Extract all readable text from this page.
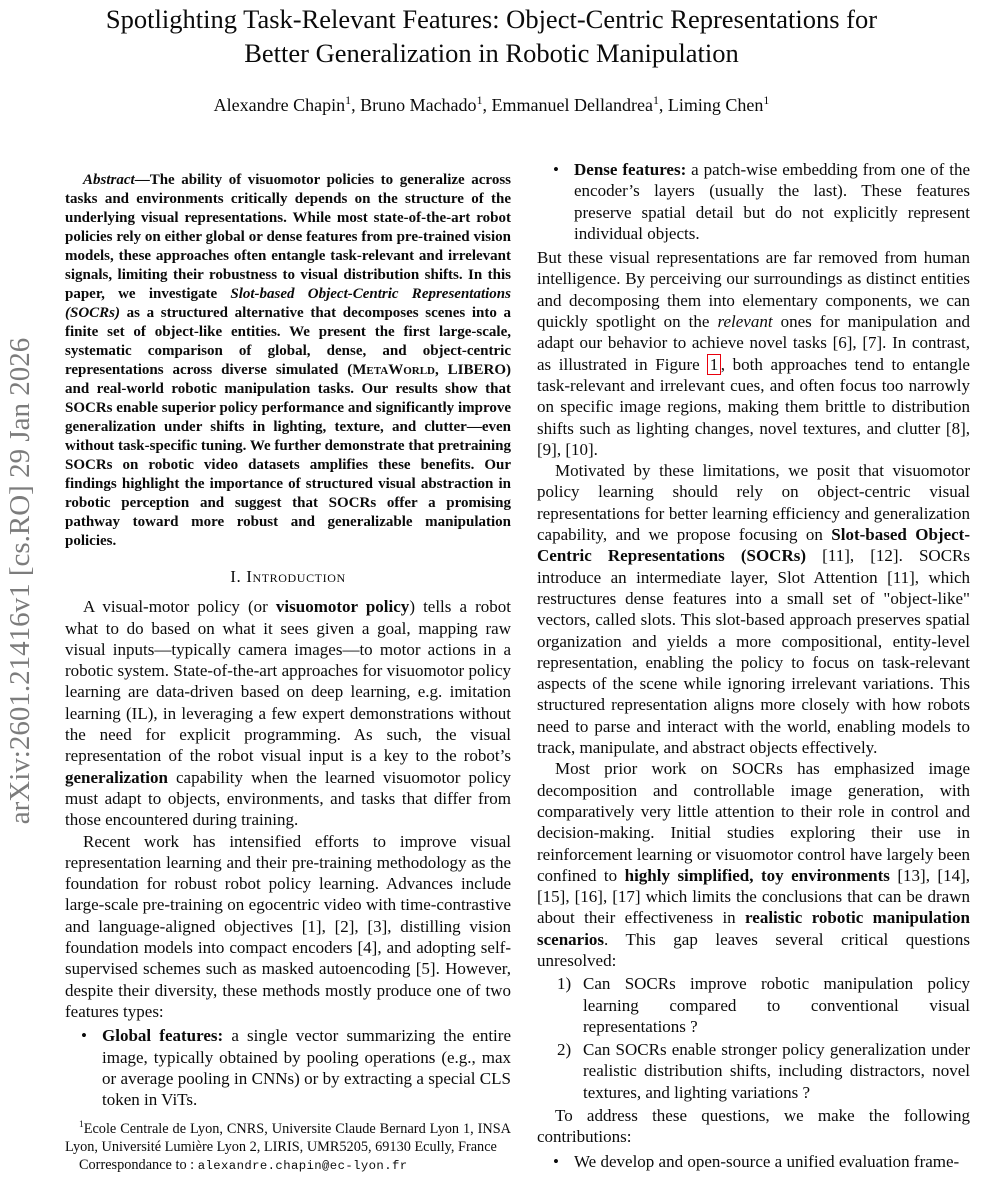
arXiv:2601.21416v1 [cs.RO] 29 Jan 2026
Spotlighting Task-Relevant Features: Object-Centric Representations for
Better Generalization in Robotic Manipulation
Alexandre Chapin$^1$, Bruno Machado$^1$, Emmanuel Dellandrea$^1$, Liming Chen$^1$

Abstract—The ability of visuomotor policies to generalize across tasks and environments critically depends on the structure of the underlying visual representations. While most state-of-the-art robot policies rely on either global or dense features from pre-trained vision models, these approaches often entangle task-relevant and irrelevant signals, limiting their robustness to visual distribution shifts. In this paper, we investigate Slot-based Object-Centric Representations (SOCRs) as a structured alternative that decomposes scenes into a finite set of object-like entities. We present the first large-scale, systematic comparison of global, dense, and object-centric representations across diverse simulated (MetaWorld, LIBERO) and real-world robotic manipulation tasks. Our results show that SOCRs enable superior policy performance and significantly improve generalization under shifts in lighting, texture, and clutter—even without task-specific tuning. We further demonstrate that pretraining SOCRs on robotic video datasets amplifies these benefits. Our findings highlight the importance of structured visual abstraction in robotic perception and suggest that SOCRs offer a promising pathway toward more robust and generalizable manipulation policies.

I. Introduction

A visual-motor policy (or visuomotor policy) tells a robot what to do based on what it sees given a goal, mapping raw visual inputs—typically camera images—to motor actions in a robotic system. State-of-the-art approaches for visuomotor policy learning are data-driven based on deep learning, e.g. imitation learning (IL), in leveraging a few expert demonstrations without the need for explicit programming. As such, the visual representation of the robot visual input is a key to the robot’s generalization capability when the learned visuomotor policy must adapt to objects, environments, and tasks that differ from those encountered during training.

Recent work has intensified efforts to improve visual representation learning and their pre-training methodology as the foundation for robust robot policy learning. Advances include large-scale pre-training on egocentric video with time-contrastive and language-aligned objectives [1], [2], [3], distilling vision foundation models into compact encoders [4], and adopting self-supervised schemes such as masked autoencoding [5]. However, despite their diversity, these methods mostly produce one of two features types:

• Global features: a single vector summarizing the entire image, typically obtained by pooling operations (e.g., max or average pooling in CNNs) or by extracting a special CLS token in ViTs.
• Dense features: a patch-wise embedding from one of the encoder’s layers (usually the last). These features preserve spatial detail but do not explicitly represent individual objects.

But these visual representations are far removed from human intelligence. By perceiving our surroundings as distinct entities and decomposing them into elementary components, we can quickly spotlight on the relevant ones for manipulation and adapt our behavior to achieve novel tasks [6], [7]. In contrast, as illustrated in Figure 1 , both approaches tend to entangle task-relevant and irrelevant cues, and often focus too narrowly on specific image regions, making them brittle to distribution shifts such as lighting changes, novel textures, and clutter [8], [9], [10].

Motivated by these limitations, we posit that visuomotor policy learning should rely on object-centric visual representations for better learning efficiency and generalization capability, and we propose focusing on Slot-based Object-Centric Representations (SOCRs) [11], [12]. SOCRs introduce an intermediate layer, Slot Attention [11], which restructures dense features into a small set of "object-like" vectors, called slots. This slot-based approach preserves spatial organization and yields a more compositional, entity-level representation, enabling the policy to focus on task-relevant aspects of the scene while ignoring irrelevant variations. This structured representation aligns more closely with how robots need to parse and interact with the world, enabling models to track, manipulate, and abstract objects effectively.

Most prior work on SOCRs has emphasized image decomposition and controllable image generation, with comparatively very little attention to their role in control and decision-making. Initial studies exploring their use in reinforcement learning or visuomotor control have largely been confined to highly simplified, toy environments [13], [14], [15], [16], [17] which limits the conclusions that can be drawn about their effectiveness in realistic robotic manipulation scenarios. This gap leaves several critical questions unresolved:

1) Can SOCRs improve robotic manipulation policy learning compared to conventional visual representations ?
2) Can SOCRs enable stronger policy generalization under realistic distribution shifts, including distractors, novel textures, and lighting variations ?

To address these questions, we make the following contributions:

• We develop and open-source a unified evaluation frame-

$^1$Ecole Centrale de Lyon, CNRS, Universite Claude Bernard Lyon 1, INSA Lyon, Université Lumière Lyon 2, LIRIS, UMR5205, 69130 Ecully, France

Correspondance to : alexandre.chapin@ec-lyon.fr
